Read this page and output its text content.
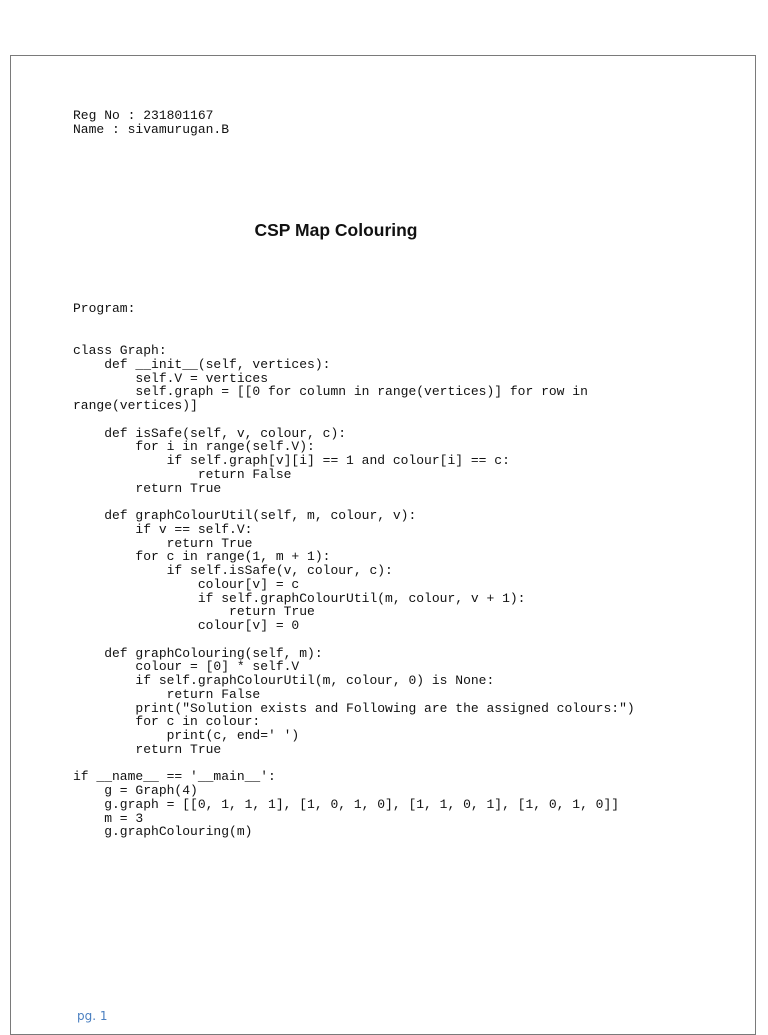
Reg No : 231801167
Name : sivamurugan.B
CSP Map Colouring
Program:
class Graph:
def __init__(self, vertices):
self.V = vertices
self.graph = [[0 for column in range(vertices)] for row in
range(vertices)]

def isSafe(self, v, colour, c):
for i in range(self.V):
if self.graph[v][i] == 1 and colour[i] == c:
return False
return True

def graphColourUtil(self, m, colour, v):
if v == self.V:
return True
for c in range(1, m + 1):
if self.isSafe(v, colour, c):
colour[v] = c
if self.graphColourUtil(m, colour, v + 1):
return True
colour[v] = 0

def graphColouring(self, m):
colour = [0] * self.V
if self.graphColourUtil(m, colour, 0) is None:
return False
print("Solution exists and Following are the assigned colours:")
for c in colour:
print(c, end=' ')
return True

if __name__ == '__main__':
g = Graph(4)
g.graph = [[0, 1, 1, 1], [1, 0, 1, 0], [1, 1, 0, 1], [1, 0, 1, 0]]
m = 3
g.graphColouring(m)
pg. 1
